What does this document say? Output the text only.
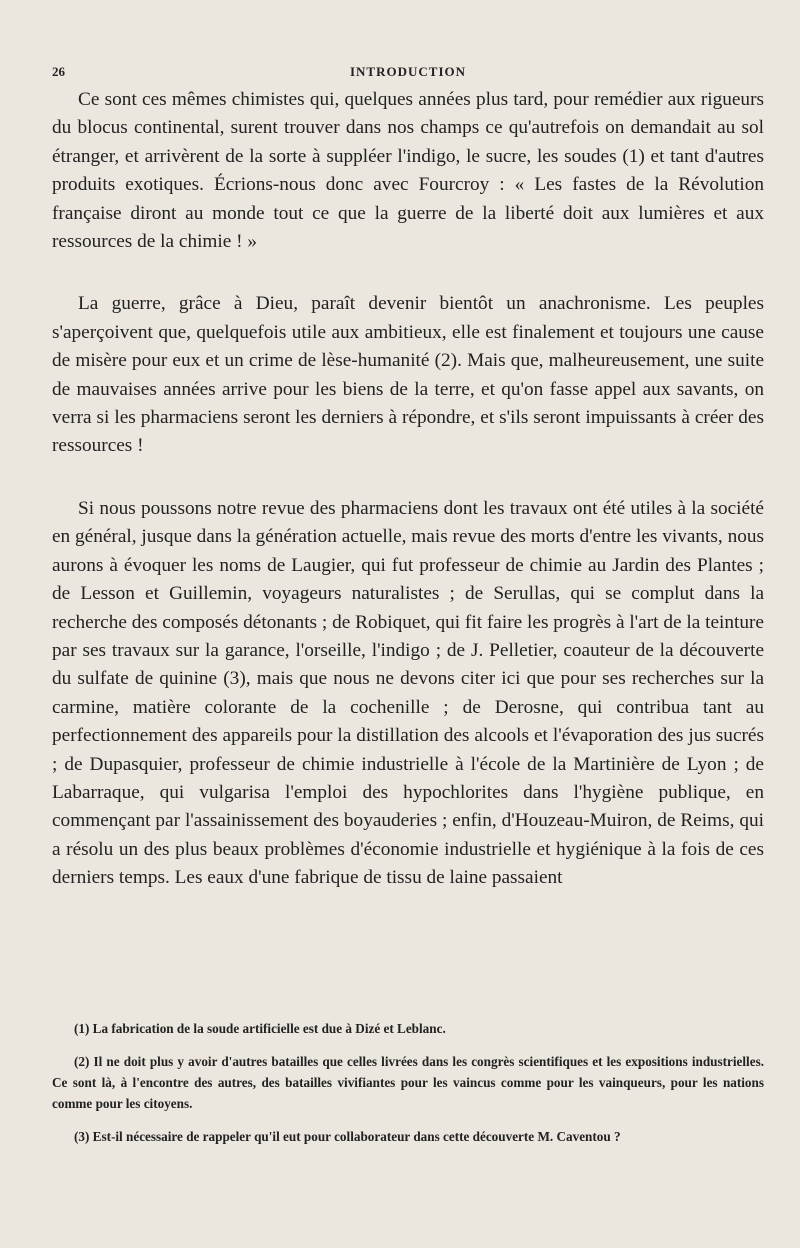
26	INTRODUCTION

Ce sont ces mêmes chimistes qui, quelques années plus tard, pour remédier aux rigueurs du blocus continental, surent trouver dans nos champs ce qu'autrefois on demandait au sol étranger, et arrivèrent de la sorte à suppléer l'indigo, le sucre, les soudes (1) et tant d'autres produits exotiques. Écrions-nous donc avec Fourcroy : « Les fastes de la Révolution française diront au monde tout ce que la guerre de la liberté doit aux lumières et aux ressources de la chimie ! »

La guerre, grâce à Dieu, paraît devenir bientôt un anachronisme. Les peuples s'aperçoivent que, quelquefois utile aux ambitieux, elle est finalement et toujours une cause de misère pour eux et un crime de lèse-humanité (2). Mais que, malheureusement, une suite de mauvaises années arrive pour les biens de la terre, et qu'on fasse appel aux savants, on verra si les pharmaciens seront les derniers à répondre, et s'ils seront impuissants à créer des ressources !

Si nous poussons notre revue des pharmaciens dont les travaux ont été utiles à la société en général, jusque dans la génération actuelle, mais revue des morts d'entre les vivants, nous aurons à évoquer les noms de Laugier, qui fut professeur de chimie au Jardin des Plantes ; de Lesson et Guillemin, voyageurs naturalistes ; de Serullas, qui se complut dans la recherche des composés détonants ; de Robiquet, qui fit faire les progrès à l'art de la teinture par ses travaux sur la garance, l'orseille, l'indigo ; de J. Pelletier, coauteur de la découverte du sulfate de quinine (3), mais que nous ne devons citer ici que pour ses recherches sur la carmine, matière colorante de la cochenille ; de Derosne, qui contribua tant au perfectionnement des appareils pour la distillation des alcools et l'évaporation des jus sucrés ; de Dupasquier, professeur de chimie industrielle à l'école de la Martinière de Lyon ; de Labarraque, qui vulgarisa l'emploi des hypochlorites dans l'hygiène publique, en commençant par l'assainissement des boyauderies ; enfin, d'Houzeau-Muiron, de Reims, qui a résolu un des plus beaux problèmes d'économie industrielle et hygiénique à la fois de ces derniers temps. Les eaux d'une fabrique de tissu de laine passaient

(1) La fabrication de la soude artificielle est due à Dizé et Leblanc.

(2) Il ne doit plus y avoir d'autres batailles que celles livrées dans les congrès scientifiques et les expositions industrielles. Ce sont là, à l'encontre des autres, des batailles vivifiantes pour les vaincus comme pour les vainqueurs, pour les nations comme pour les citoyens.

(3) Est-il nécessaire de rappeler qu'il eut pour collaborateur dans cette découverte M. Caventou ?
